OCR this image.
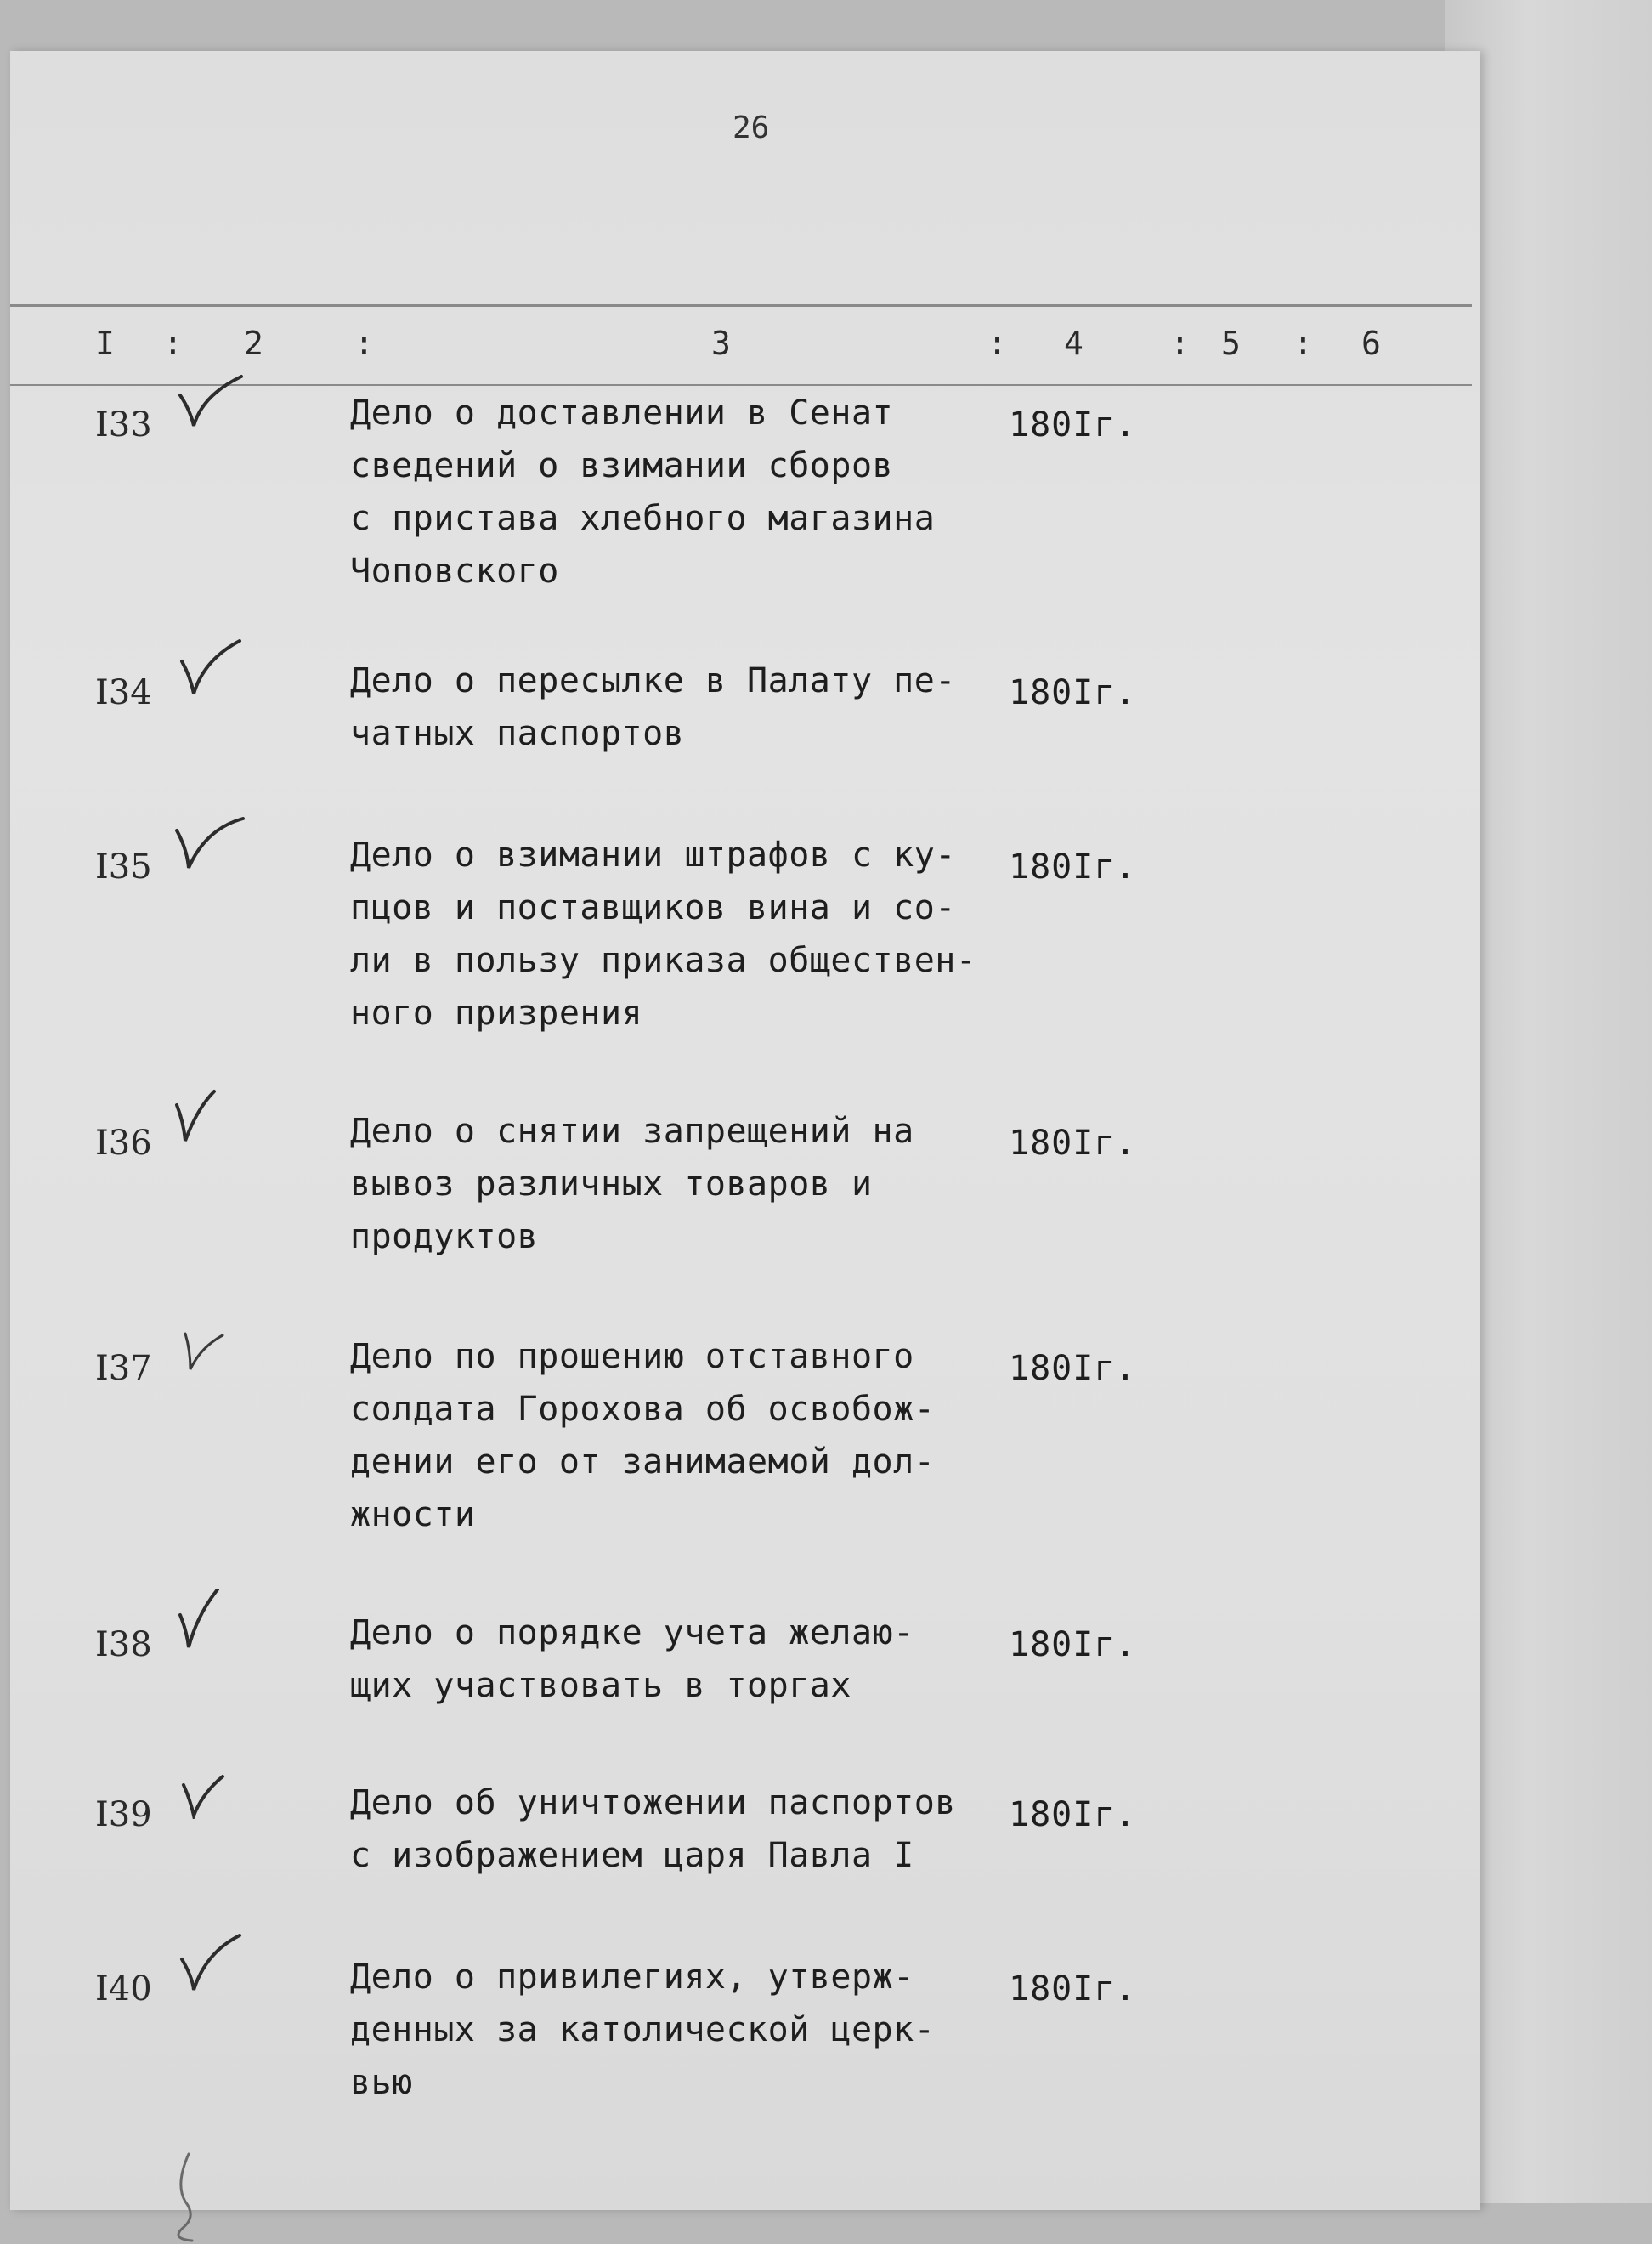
26
I : 2	:	3	: 4	: 5 : 6
I33	Дело о доставлении в Сенат
сведений о взимании сборов
с пристава хлебного магазина
Чоповского
180Iг.
I34	Дело о пересылке в Палату пе-
чатных паспортов
180Iг.
I35	Дело о взимании штрафов с ку-
пцов и поставщиков вина и со-
ли в пользу приказа обществен-
ного призрения
180Iг.
I36	Дело о снятии запрещений на
вывоз различных товаров и
продуктов
180Iг.
I37	Дело по прошению отставного
солдата Горохова об освобож-
дении его от занимаемой дол-
жности
180Iг.
I38	Дело о порядке учета желаю-
щих участвовать в торгах
180Iг.
I39	Дело об уничтожении паспортов
с изображением царя Павла I
180Iг.
I40	Дело о привилегиях, утверж-
денных за католической церк-
вью
180Iг.
